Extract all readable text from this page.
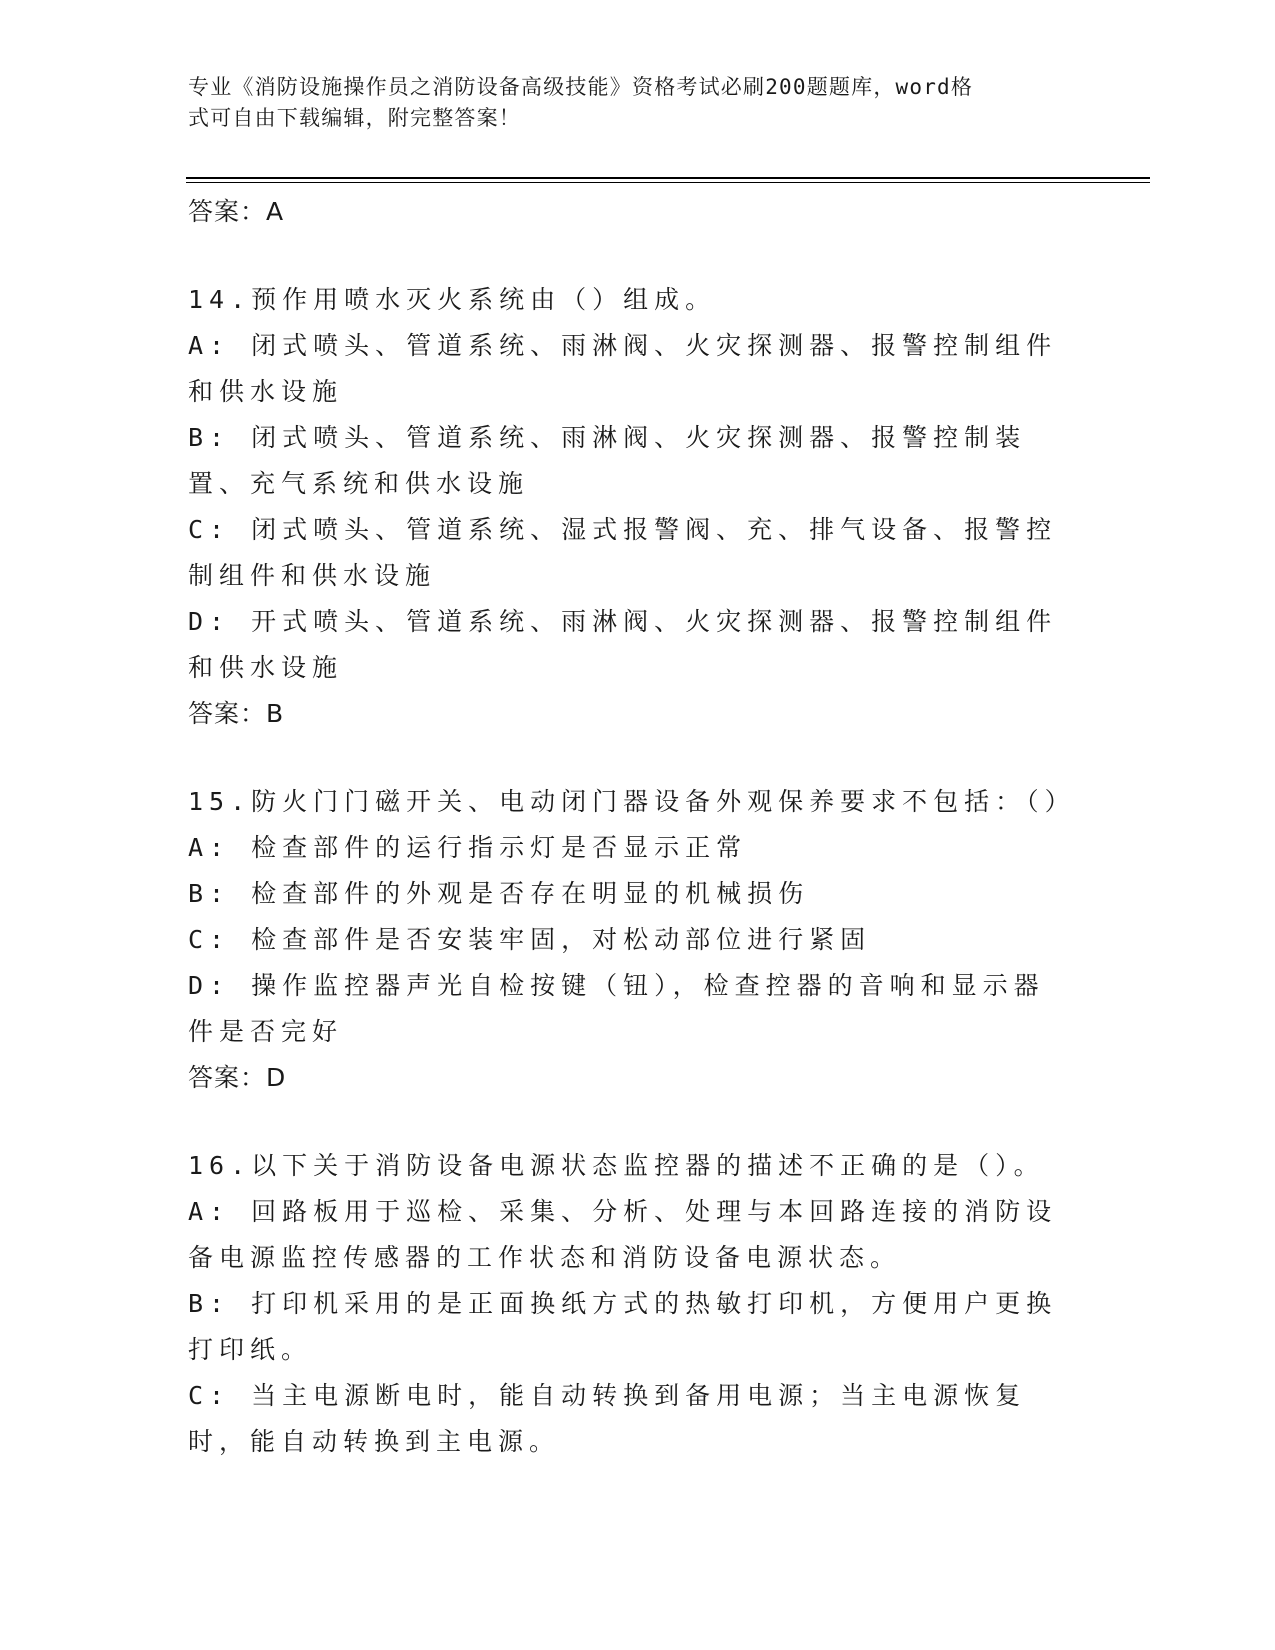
专业《消防设施操作员之消防设备高级技能》资格考试必刷200题题库，word格
式可自由下载编辑，附完整答案！
答案：A
14.预作用喷水灭火系统由（）组成。
A: 闭式喷头、管道系统、雨淋阀、火灾探测器、报警控制组件和供水设施
B: 闭式喷头、管道系统、雨淋阀、火灾探测器、报警控制装置、充气系统和供水设施
C: 闭式喷头、管道系统、湿式报警阀、充、排气设备、报警控制组件和供水设施
D: 开式喷头、管道系统、雨淋阀、火灾探测器、报警控制组件和供水设施
答案：B
15.防火门门磁开关、电动闭门器设备外观保养要求不包括：（）
A: 检查部件的运行指示灯是否显示正常
B: 检查部件的外观是否存在明显的机械损伤
C: 检查部件是否安装牢固，对松动部位进行紧固
D: 操作监控器声光自检按键（钮），检查控器的音响和显示器件是否完好
答案：D
16.以下关于消防设备电源状态监控器的描述不正确的是（）。
A: 回路板用于巡检、采集、分析、处理与本回路连接的消防设备电源监控传感器的工作状态和消防设备电源状态。
B: 打印机采用的是正面换纸方式的热敏打印机，方便用户更换打印纸。
C: 当主电源断电时，能自动转换到备用电源；当主电源恢复时，能自动转换到主电源。
